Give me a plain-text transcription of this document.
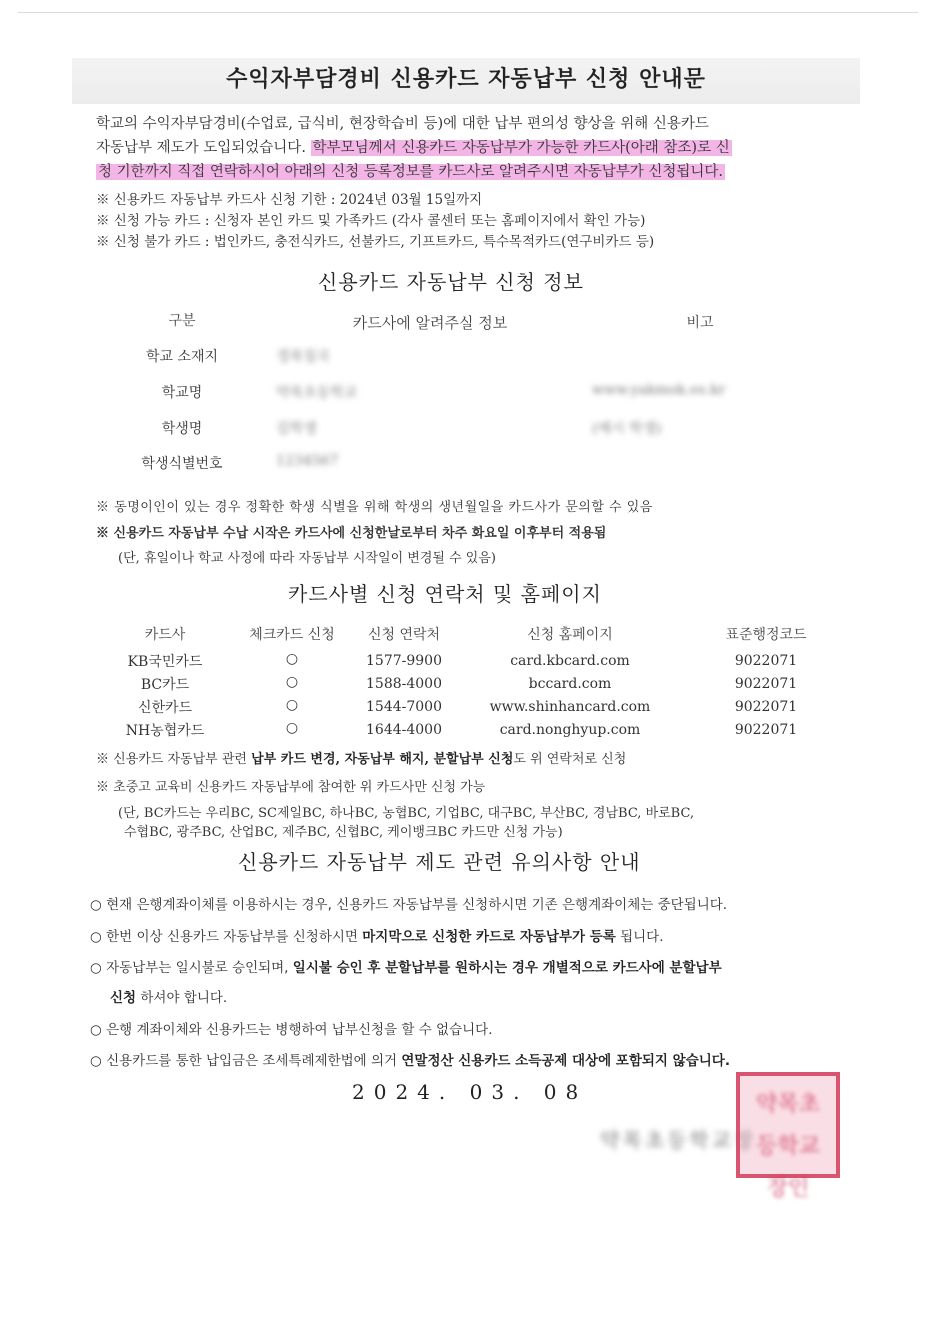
수익자부담경비 신용카드 자동납부 신청 안내문
학교의 수익자부담경비(수업료, 급식비, 현장학습비 등)에 대한 납부 편의성 향상을 위해 신용카드
자동납부 제도가 도입되었습니다. 학부모님께서 신용카드 자동납부가 가능한 카드사(아래 참조)로 신
청 기한까지 직접 연락하시어 아래의 신청 등록정보를 카드사로 알려주시면 자동납부가 신청됩니다.
※ 신용카드 자동납부 카드사 신청 기한 : 2024년 03월 15일까지
※ 신청 가능 카드 : 신청자 본인 카드 및 가족카드 (각사 콜센터 또는 홈페이지에서 확인 가능)
※ 신청 불가 카드 : 법인카드, 충전식카드, 선불카드, 기프트카드, 특수목적카드(연구비카드 등)
신용카드 자동납부 신청 정보
구분	카드사에 알려주실 정보	비고
학교 소재지	경북칠곡
학교명	약목초등학교	www.yakmok.es.kr
학생명	김학생	(예시 학생)
학생식별번호	1234567
※ 동명이인이 있는 경우 정확한 학생 식별을 위해 학생의 생년월일을 카드사가 문의할 수 있음
※ 신용카드 자동납부 수납 시작은 카드사에 신청한날로부터 차주 화요일 이후부터 적용됨
(단, 휴일이나 학교 사정에 따라 자동납부 시작일이 변경될 수 있음)
카드사별 신청 연락처 및 홈페이지
카드사	체크카드 신청	신청 연락처	신청 홈페이지	표준행정코드
KB국민카드	○	1577-9900	card.kbcard.com	9022071
BC카드	○	1588-4000	bccard.com	9022071
신한카드	○	1544-7000	www.shinhancard.com	9022071
NH농협카드	○	1644-4000	card.nonghyup.com	9022071
※ 신용카드 자동납부 관련 납부 카드 변경, 자동납부 해지, 분할납부 신청도 위 연락처로 신청
※ 초중고 교육비 신용카드 자동납부에 참여한 위 카드사만 신청 가능
(단, BC카드는 우리BC, SC제일BC, 하나BC, 농협BC, 기업BC, 대구BC, 부산BC, 경남BC, 바로BC,
수협BC, 광주BC, 산업BC, 제주BC, 신협BC, 케이뱅크BC 카드만 신청 가능)
신용카드 자동납부 제도 관련 유의사항 안내
○ 현재 은행계좌이체를 이용하시는 경우, 신용카드 자동납부를 신청하시면 기존 은행계좌이체는 중단됩니다.
○ 한번 이상 신용카드 자동납부를 신청하시면 마지막으로 신청한 카드로 자동납부가 등록 됩니다.
○ 자동납부는 일시불로 승인되며, 일시불 승인 후 분할납부를 원하시는 경우 개별적으로 카드사에 분할납부
신청 하셔야 합니다.
○ 은행 계좌이체와 신용카드는 병행하여 납부신청을 할 수 없습니다.
○ 신용카드를 통한 납입금은 조세특례제한법에 의거 연말정산 신용카드 소득공제 대상에 포함되지 않습니다.
2024. 03. 08
약목초등학교장
약목초등학교장인
